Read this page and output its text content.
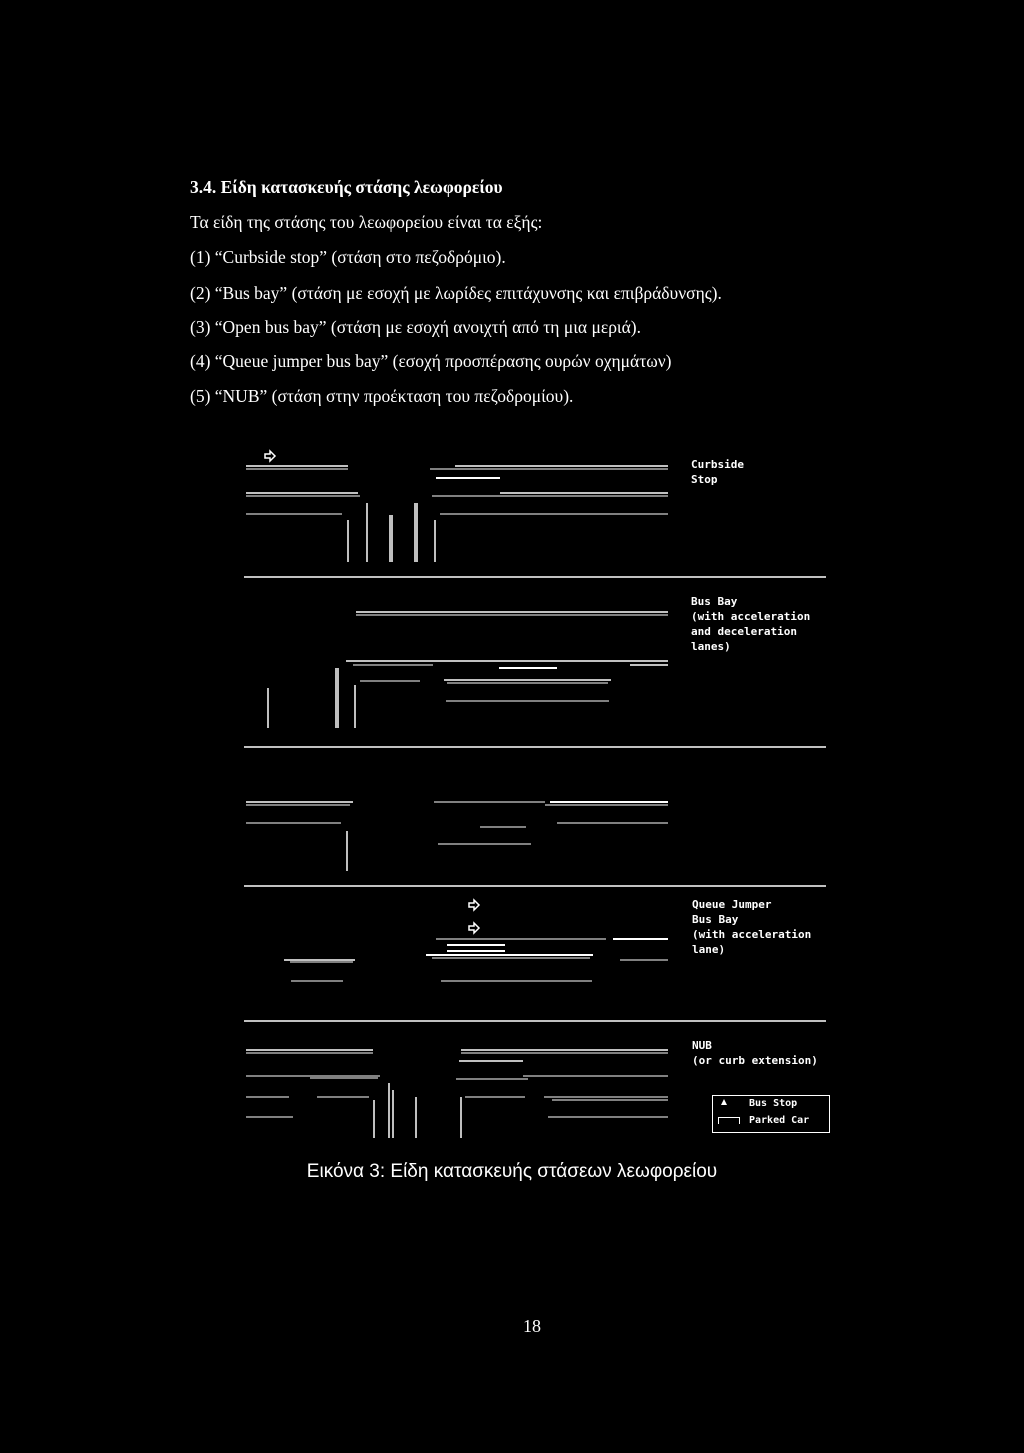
3.4. Είδη κατασκευής στάσης λεωφορείου
Τα είδη της στάσης του λεωφορείου είναι τα εξής:
(1) “Curbside stop” (στάση στο πεζοδρόμιο).
(2) “Bus bay” (στάση με εσοχή με λωρίδες επιτάχυνσης και επιβράδυνσης).
(3) “Open bus bay” (στάση με εσοχή ανοιχτή από τη μια μεριά).
(4) “Queue jumper bus bay” (εσοχή προσπέρασης ουρών οχημάτων)
(5) “NUB” (στάση στην προέκταση του πεζοδρομίου).
Curbside
Stop
Bus Bay
(with acceleration
and deceleration
lanes)
Queue Jumper
Bus Bay
(with acceleration
lane)
NUB
(or curb extension)
Bus Stop
Parked Car
Εικόνα 3: Είδη κατασκευής στάσεων λεωφορείου
18
